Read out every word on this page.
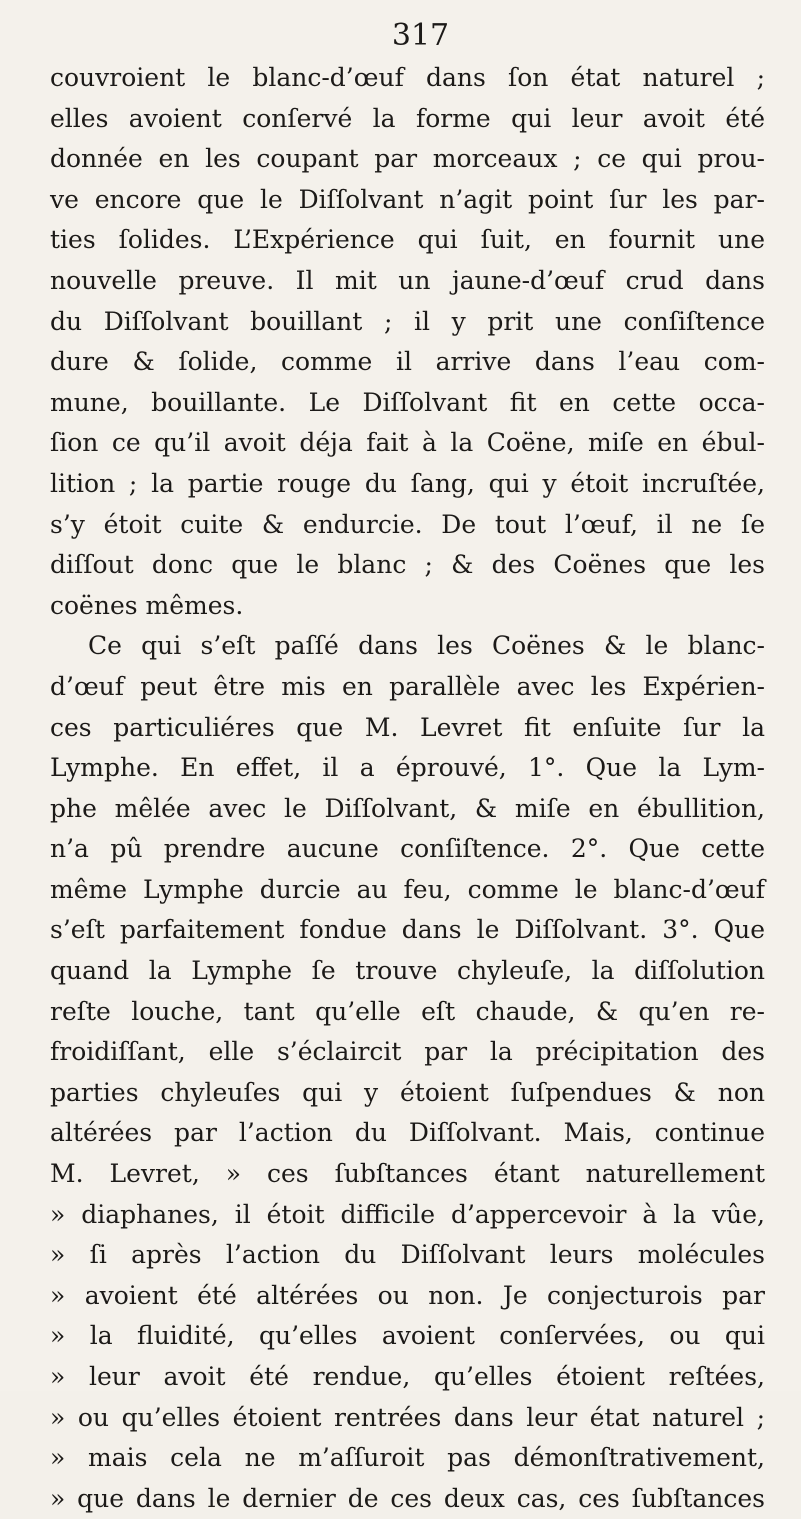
317
couvroient le blanc-d’œuf dans ſon état naturel ;
elles avoient conſervé la forme qui leur avoit été
donnée en les coupant par morceaux ; ce qui prou-
ve encore que le Diſſolvant n’agit point ſur les par-
ties ſolides. L’Expérience qui ſuit, en fournit une
nouvelle preuve. Il mit un jaune-d’œuf crud dans
du Diſſolvant bouillant ; il y prit une conſiſtence
dure & ſolide, comme il arrive dans l’eau com-
mune, bouillante. Le Diſſolvant fit en cette occa-
ſion ce qu’il avoit déja fait à la Coëne, miſe en ébul-
lition ; la partie rouge du ſang, qui y étoit incruſtée,
s’y étoit cuite & endurcie. De tout l’œuf, il ne ſe
diſſout donc que le blanc ; & des Coënes que les
coënes mêmes.
Ce qui s’eſt paſſé dans les Coënes & le blanc-
d’œuf peut être mis en parallèle avec les Expérien-
ces particuliéres que M. Levret fit enſuite ſur la
Lymphe. En effet, il a éprouvé, 1°. Que la Lym-
phe mêlée avec le Diſſolvant, & miſe en ébullition,
n’a pû prendre aucune conſiſtence. 2°. Que cette
même Lymphe durcie au feu, comme le blanc-d’œuf
s’eſt parfaitement fondue dans le Diſſolvant. 3°. Que
quand la Lymphe ſe trouve chyleuſe, la diſſolution
reſte louche, tant qu’elle eſt chaude, & qu’en re-
froidiſſant, elle s’éclaircit par la précipitation des
parties chyleuſes qui y étoient ſuſpendues & non
altérées par l’action du Diſſolvant. Mais, continue
M. Levret, » ces ſubſtances étant naturellement
» diaphanes, il étoit difficile d’appercevoir à la vûe,
» ſi après l’action du Diſſolvant leurs molécules
» avoient été altérées ou non. Je conjecturois par
» la fluidité, qu’elles avoient conſervées, ou qui
» leur avoit été rendue, qu’elles étoient reſtées,
» ou qu’elles étoient rentrées dans leur état naturel ;
» mais cela ne m’aſſuroit pas démonſtrativement,
» que dans le dernier de ces deux cas, ces ſubſtances
